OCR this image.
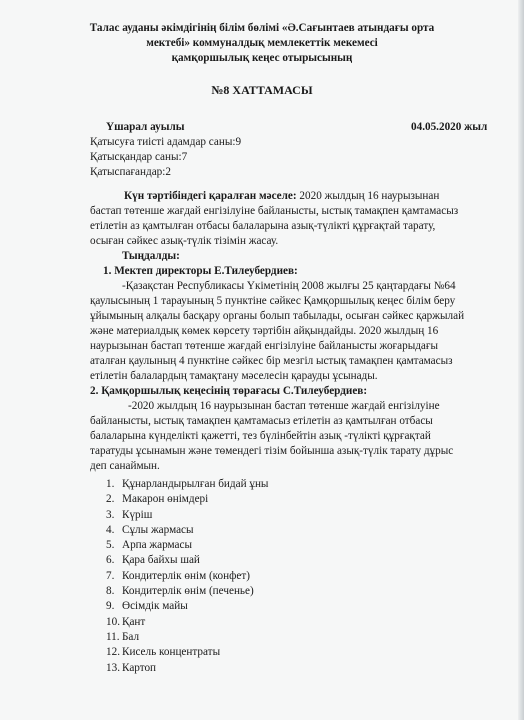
Талас ауданы әкімдігінің білім бөлімі «Ә.Сағынтаев атындағы орта
мектебі» коммуналдық мемлекеттік мекемесі
қамқоршылық кеңес отырысының
№8 ХАТТАМАСЫ
Үшарал ауылы	04.05.2020 жыл
Қатысуға тиісті адамдар саны:9
Қатысқандар саны:7
Қатыспағандар:2
Күн тәртібіндегі қаралған мәселе: 2020 жылдың 16 наурызынан
бастап төтенше жағдай енгізілуіне байланысты, ыстық тамақпен қамтамасыз
етілетін аз қамтылған отбасы балаларына азық-түлікті құрғақтай тарату,
осыған сәйкес азық-түлік тізімін жасау.
Тыңдалды:
1. Мектеп директоры Е.Тилеубердиев:
-Қазақстан Республикасы Үкіметінің 2008 жылғы 25 қаңтардағы №64
қаулысының 1 тарауының 5 пунктіне сәйкес Қамқоршылық кеңес білім беру
ұйымының алқалы басқару органы болып табылады, осыған сәйкес қаржылай
және материалдық көмек көрсету тәртібін айқындайды. 2020 жылдың 16
наурызынан бастап төтенше жағдай енгізілуіне байланысты жоғарыдағы
аталған қаулының 4 пунктіне сәйкес бір мезгіл ыстық тамақпен қамтамасыз
етілетін балалардың тамақтану мәселесін қарауды ұсынады.
2. Қамқоршылық кеңесінің төрағасы С.Тилеубердиев:
-2020 жылдың 16 наурызынан бастап төтенше жағдай енгізілуіне
байланысты, ыстық тамақпен қамтамасыз етілетін аз қамтылған отбасы
балаларына күнделікті қажетті, тез бүлінбейтін азық -түлікті құрғақтай
таратуды ұсынамын және төмендегі тізім бойынша азық-түлік тарату дұрыс
деп санаймын.
1. Құнарландырылған бидай ұны
2. Макарон өнімдері
3. Күріш
4. Сұлы жармасы
5. Арпа жармасы
6. Қара байхы шай
7. Кондитерлік өнім (конфет)
8. Кондитерлік өнім (печенье)
9. Өсімдік майы
10. Қант
11. Бал
12. Кисель концентраты
13. Картоп
